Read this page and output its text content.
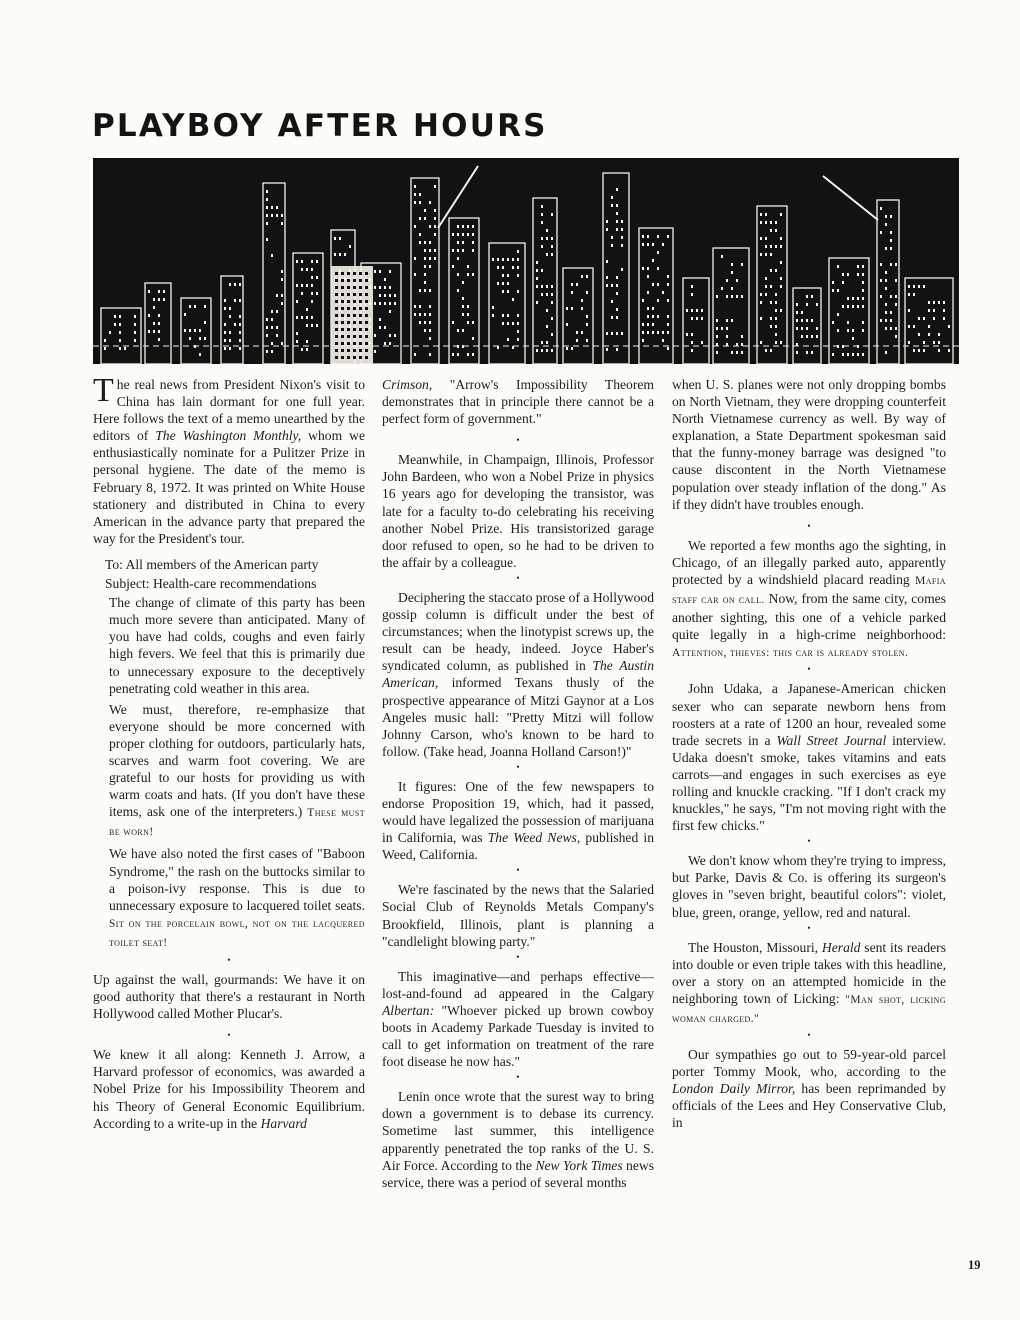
PLAYBOY AFTER HOURS

The real news from President Nixon's visit to China has lain dormant for one full year. Here follows the text of a memo unearthed by the editors of The Washington Monthly, whom we enthusiastically nominate for a Pulitzer Prize in personal hygiene. The date of the memo is February 8, 1972. It was printed on White House stationery and distributed in China to every American in the advance party that prepared the way for the President's tour.

To: All members of the American party

Subject: Health-care recommendations

The change of climate of this party has been much more severe than anticipated. Many of you have had colds, coughs and even fairly high fevers. We feel that this is primarily due to unnecessary exposure to the deceptively penetrating cold weather in this area.

We must, therefore, re-emphasize that everyone should be more concerned with proper clothing for outdoors, particularly hats, scarves and warm foot covering. We are grateful to our hosts for providing us with warm coats and hats. (If you don't have these items, ask one of the interpreters.) These must be worn!

We have also noted the first cases of "Baboon Syndrome," the rash on the buttocks similar to a poison-ivy response. This is due to unnecessary exposure to lacquered toilet seats. Sit on the porcelain bowl, not on the lacquered toilet seat!

•

Up against the wall, gourmands: We have it on good authority that there's a restaurant in North Hollywood called Mother Plucar's.

•

We knew it all along: Kenneth J. Arrow, a Harvard professor of economics, was awarded a Nobel Prize for his Impossibility Theorem and his Theory of General Economic Equilibrium. According to a write-up in the Harvard

Crimson, "Arrow's Impossibility Theorem demonstrates that in principle there cannot be a perfect form of government."

•

Meanwhile, in Champaign, Illinois, Professor John Bardeen, who won a Nobel Prize in physics 16 years ago for developing the transistor, was late for a faculty to-do celebrating his receiving another Nobel Prize. His transistorized garage door refused to open, so he had to be driven to the affair by a colleague.

•

Deciphering the staccato prose of a Hollywood gossip column is difficult under the best of circumstances; when the linotypist screws up, the result can be heady, indeed. Joyce Haber's syndicated column, as published in The Austin American, informed Texans thusly of the prospective appearance of Mitzi Gaynor at a Los Angeles music hall: "Pretty Mitzi will follow Johnny Carson, who's known to be hard to follow. (Take head, Joanna Holland Carson!)"

•

It figures: One of the few newspapers to endorse Proposition 19, which, had it passed, would have legalized the possession of marijuana in California, was The Weed News, published in Weed, California.

•

We're fascinated by the news that the Salaried Social Club of Reynolds Metals Company's Brookfield, Illinois, plant is planning a "candlelight blowing party."

•

This imaginative—and perhaps effective—lost-and-found ad appeared in the Calgary Albertan: "Whoever picked up brown cowboy boots in Academy Parkade Tuesday is invited to call to get information on treatment of the rare foot disease he now has."

•

Lenin once wrote that the surest way to bring down a government is to debase its currency. Sometime last summer, this intelligence apparently penetrated the top ranks of the U. S. Air Force. According to the New York Times news service, there was a period of several months

when U. S. planes were not only dropping bombs on North Vietnam, they were dropping counterfeit North Vietnamese currency as well. By way of explanation, a State Department spokesman said that the funny-money barrage was designed "to cause discontent in the North Vietnamese population over steady inflation of the dong." As if they didn't have troubles enough.

•

We reported a few months ago the sighting, in Chicago, of an illegally parked auto, apparently protected by a windshield placard reading Mafia staff car on call. Now, from the same city, comes another sighting, this one of a vehicle parked quite legally in a high-crime neighborhood: Attention, thieves: this car is already stolen.

•

John Udaka, a Japanese-American chicken sexer who can separate newborn hens from roosters at a rate of 1200 an hour, revealed some trade secrets in a Wall Street Journal interview. Udaka doesn't smoke, takes vitamins and eats carrots—and engages in such exercises as eye rolling and knuckle cracking. "If I don't crack my knuckles," he says, "I'm not moving right with the first few chicks."

•

We don't know whom they're trying to impress, but Parke, Davis & Co. is offering its surgeon's gloves in "seven bright, beautiful colors": violet, blue, green, orange, yellow, red and natural.

•

The Houston, Missouri, Herald sent its readers into double or even triple takes with this headline, over a story on an attempted homicide in the neighboring town of Licking: "Man shot, licking woman charged."

•

Our sympathies go out to 59-year-old parcel porter Tommy Mook, who, according to the London Daily Mirror, has been reprimanded by officials of the Lees and Hey Conservative Club, in

19
